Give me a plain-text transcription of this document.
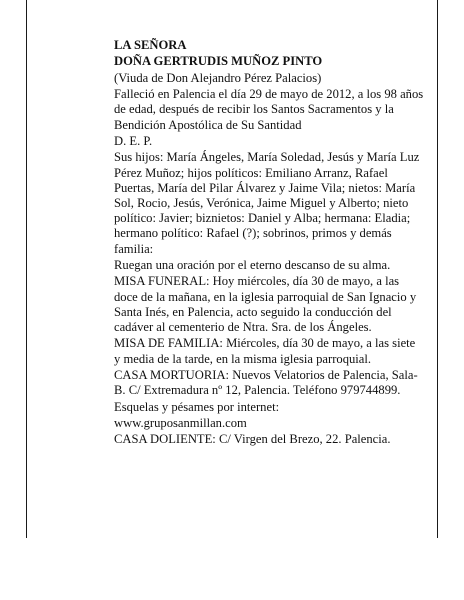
LA SEÑORA

DOÑA GERTRUDIS MUÑOZ PINTO

(Viuda de Don Alejandro Pérez Palacios)

Falleció en Palencia el día 29 de mayo de 2012, a los 98 años de edad, después de recibir los Santos Sacramentos y la Bendición Apostólica de Su Santidad

D. E. P.

Sus hijos: María Ángeles, María Soledad, Jesús y María Luz Pérez Muñoz; hijos políticos: Emiliano Arranz, Rafael Puertas, María del Pilar Álvarez y Jaime Vila; nietos: María Sol, Rocio, Jesús, Verónica, Jaime Miguel y Alberto; nieto político: Javier; biznietos: Daniel y Alba; hermana: Eladia; hermano político: Rafael (?); sobrinos, primos y demás familia:

Ruegan una oración por el eterno descanso de su alma.

MISA FUNERAL: Hoy miércoles, día 30 de mayo, a las doce de la mañana, en la iglesia parroquial de San Ignacio y Santa Inés, en Palencia, acto seguido la conducción del cadáver al cementerio de Ntra. Sra. de los Ángeles.

MISA DE FAMILIA: Miércoles, día 30 de mayo, a las siete y media de la tarde, en la misma iglesia parroquial.

CASA MORTUORIA: Nuevos Velatorios de Palencia, Sala-B. C/ Extremadura nº 12, Palencia. Teléfono 979744899.

Esquelas y pésames por internet:

www.gruposanmillan.com

CASA DOLIENTE: C/ Virgen del Brezo, 22. Palencia.
